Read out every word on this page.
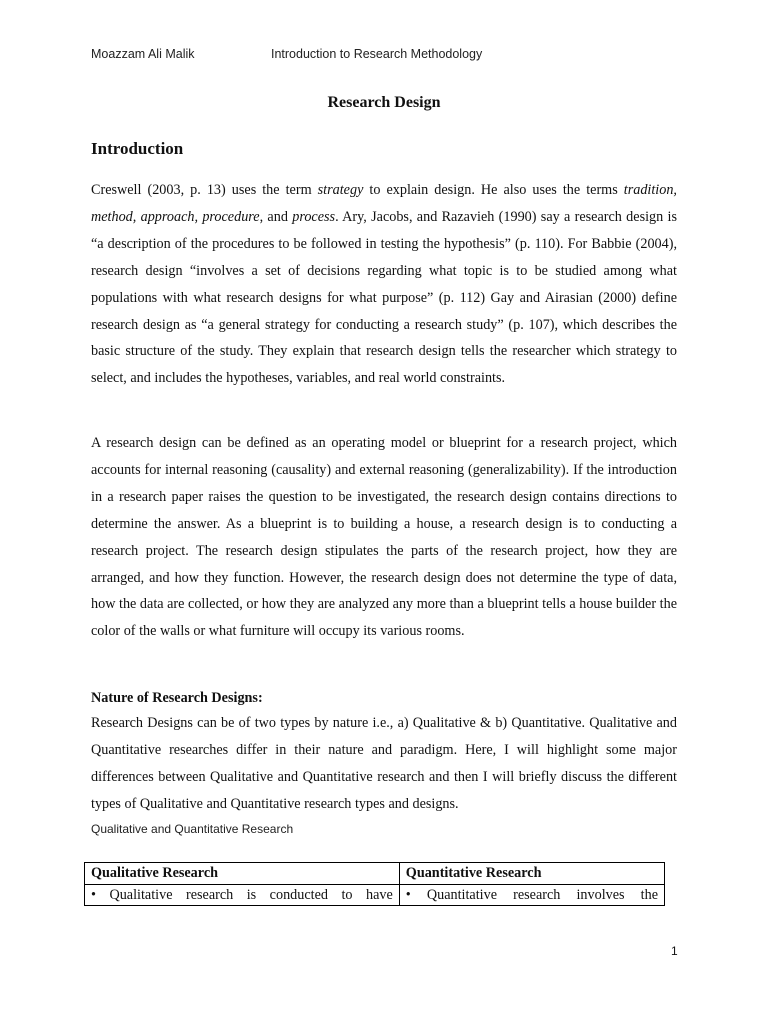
Moazzam Ali Malik	Introduction to Research Methodology
Research Design
Introduction

Creswell (2003, p. 13) uses the term strategy to explain design. He also uses the terms tradition, method, approach, procedure, and process. Ary, Jacobs, and Razavieh (1990) say a research design is “a description of the procedures to be followed in testing the hypothesis” (p. 110). For Babbie (2004), research design “involves a set of decisions regarding what topic is to be studied among what populations with what research designs for what purpose” (p. 112) Gay and Airasian (2000) define research design as “a general strategy for conducting a research study” (p. 107), which describes the basic structure of the study. They explain that research design tells the researcher which strategy to select, and includes the hypotheses, variables, and real world constraints.

A research design can be defined as an operating model or blueprint for a research project, which accounts for internal reasoning (causality) and external reasoning (generalizability). If the introduction in a research paper raises the question to be investigated, the research design contains directions to determine the answer. As a blueprint is to building a house, a research design is to conducting a research project. The research design stipulates the parts of the research project, how they are arranged, and how they function. However, the research design does not determine the type of data, how the data are collected, or how they are analyzed any more than a blueprint tells a house builder the color of the walls or what furniture will occupy its various rooms.

Nature of Research Designs:

Research Designs can be of two types by nature i.e., a) Qualitative & b) Quantitative. Qualitative and Quantitative researches differ in their nature and paradigm. Here, I will highlight some major differences between Qualitative and Quantitative research and then I will briefly discuss the different types of Qualitative and Quantitative research types and designs.

Qualitative and Quantitative Research
Qualitative Research	Quantitative Research
• Qualitative research is conducted to have	• Quantitative research involves the
1
